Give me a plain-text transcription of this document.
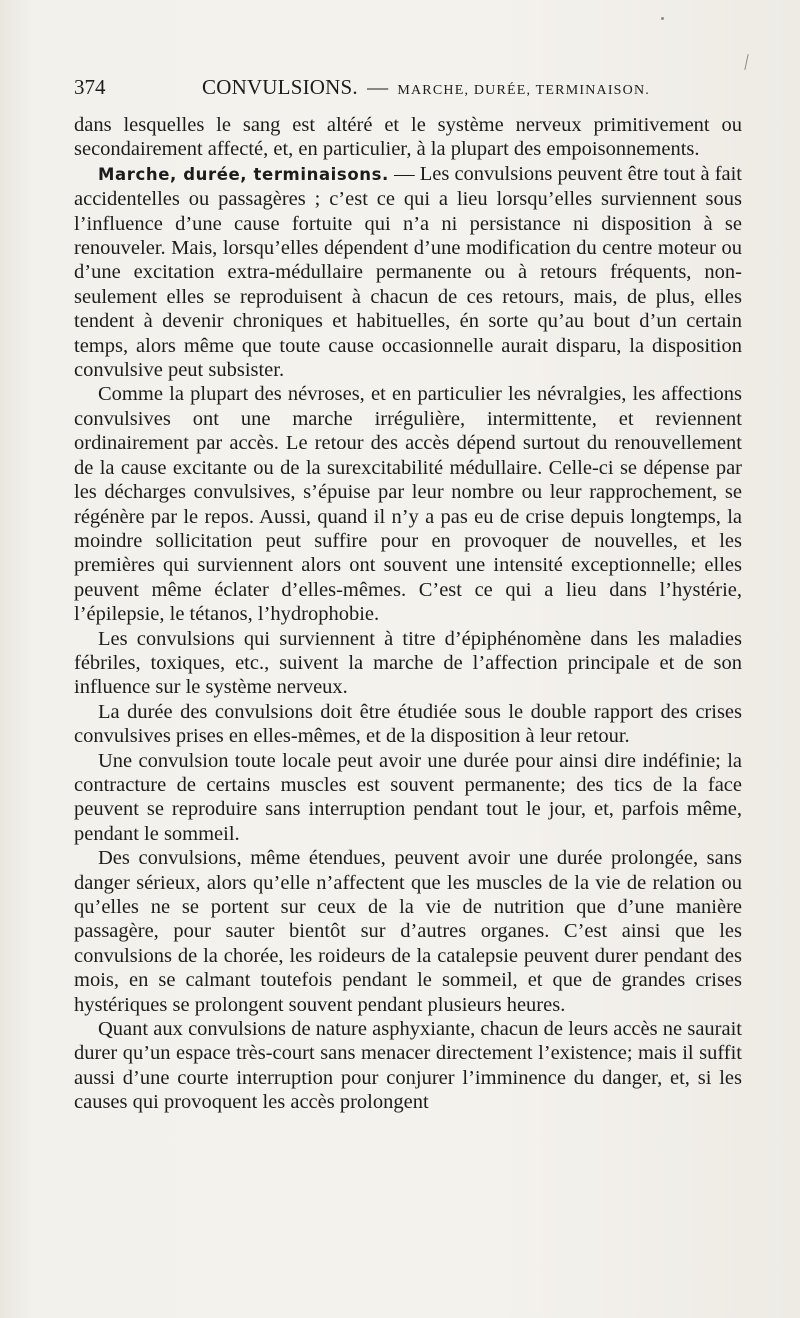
374	CONVULSIONS. — MARCHE, DURÉE, TERMINAISON.

dans lesquelles le sang est altéré et le système nerveux primitivement ou secondairement affecté, et, en particulier, à la plupart des empoisonnements.

Marche, durée, terminaisons. — Les convulsions peuvent être tout à fait accidentelles ou passagères ; c’est ce qui a lieu lorsqu’elles surviennent sous l’influence d’une cause fortuite qui n’a ni persistance ni disposition à se renouveler. Mais, lorsqu’elles dépendent d’une modification du centre moteur ou d’une excitation extra-médullaire permanente ou à retours fréquents, non-seulement elles se reproduisent à chacun de ces retours, mais, de plus, elles tendent à devenir chroniques et habituelles, én sorte qu’au bout d’un certain temps, alors même que toute cause occasionnelle aurait disparu, la disposition convulsive peut subsister.

Comme la plupart des névroses, et en particulier les névralgies, les affections convulsives ont une marche irrégulière, intermittente, et reviennent ordinairement par accès. Le retour des accès dépend surtout du renouvellement de la cause excitante ou de la surexcitabilité médullaire. Celle-ci se dépense par les décharges convulsives, s’épuise par leur nombre ou leur rapprochement, se régénère par le repos. Aussi, quand il n’y a pas eu de crise depuis longtemps, la moindre sollicitation peut suffire pour en provoquer de nouvelles, et les premières qui surviennent alors ont souvent une intensité exceptionnelle; elles peuvent même éclater d’elles-mêmes. C’est ce qui a lieu dans l’hystérie, l’épilepsie, le tétanos, l’hydrophobie.

Les convulsions qui surviennent à titre d’épiphénomène dans les maladies fébriles, toxiques, etc., suivent la marche de l’affection principale et de son influence sur le système nerveux.

La durée des convulsions doit être étudiée sous le double rapport des crises convulsives prises en elles-mêmes, et de la disposition à leur retour.

Une convulsion toute locale peut avoir une durée pour ainsi dire indéfinie; la contracture de certains muscles est souvent permanente; des tics de la face peuvent se reproduire sans interruption pendant tout le jour, et, parfois même, pendant le sommeil.

Des convulsions, même étendues, peuvent avoir une durée prolongée, sans danger sérieux, alors qu’elle n’affectent que les muscles de la vie de relation ou qu’elles ne se portent sur ceux de la vie de nutrition que d’une manière passagère, pour sauter bientôt sur d’autres organes. C’est ainsi que les convulsions de la chorée, les roideurs de la catalepsie peuvent durer pendant des mois, en se calmant toutefois pendant le sommeil, et que de grandes crises hystériques se prolongent souvent pendant plusieurs heures.

Quant aux convulsions de nature asphyxiante, chacun de leurs accès ne saurait durer qu’un espace très-court sans menacer directement l’existence; mais il suffit aussi d’une courte interruption pour conjurer l’imminence du danger, et, si les causes qui provoquent les accès prolongent
